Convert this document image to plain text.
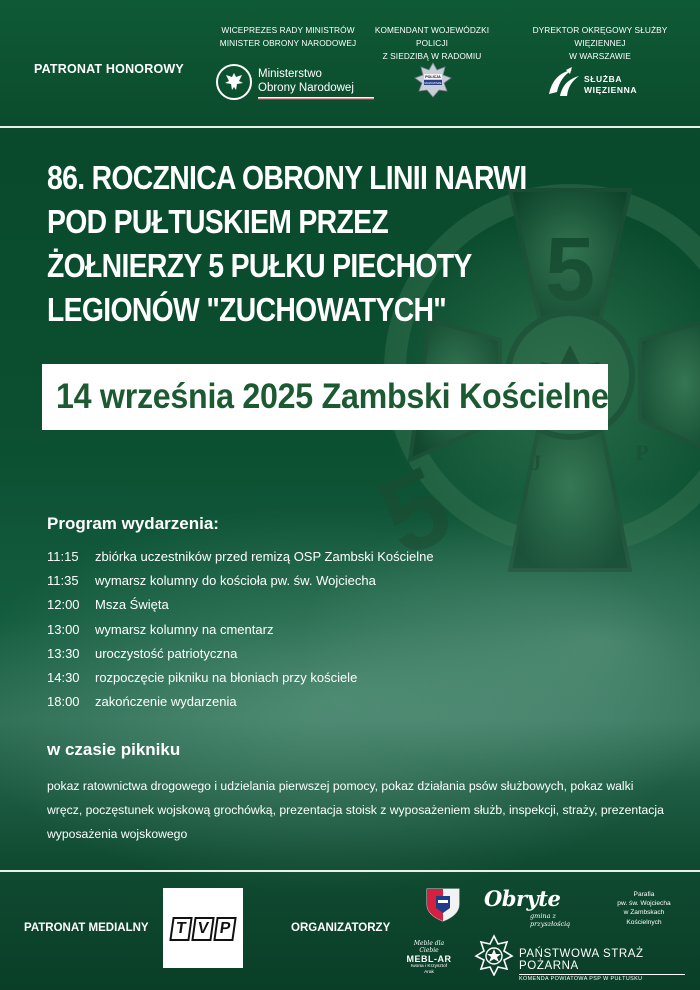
PATRONAT HONOROWY
WICEPREZES RADY MINISTRÓW
MINISTER OBRONY NARODOWEJ
KOMENDANT WOJEWÓDZKI POLICJI
Z SIEDZIBĄ W RADOMIU
DYREKTOR OKRĘGOWY SŁUŻBY WIĘZIENNEJ
W WARSZAWIE
Ministerstwo
Obrony Narodowej
POLICJA
MAZOWSZE	SŁUŻBA
WIĘZIENNA
5
5	J	P
86. ROCZNICA OBRONY LINII NARWI
POD PUŁTUSKIEM PRZEZ
ŻOŁNIERZY 5 PUŁKU PIECHOTY
LEGIONÓW "ZUCHOWATYCH"
14 września 2025 Zambski Kościelne
Program wydarzenia:
11:15	zbiórka uczestników przed remizą OSP Zambski Kościelne
11:35	wymarsz kolumny do kościoła pw. św. Wojciecha
12:00	Msza Święta
13:00	wymarsz kolumny na cmentarz
13:30	uroczystość patriotyczna
14:30	rozpoczęcie pikniku na błoniach przy kościele
18:00	zakończenie wydarzenia
w czasie pikniku
pokaz ratownictwa drogowego i udzielania pierwszej pomocy, pokaz działania psów służbowych, pokaz walki wręcz, poczęstunek wojskową grochówką, prezentacja stoisk z wyposażeniem służb, inspekcji, straży, prezentacja wyposażenia wojskowego
PATRONAT MEDIALNY	T V P	ORGANIZATORZY
Obryte
gmina z przyszłością
Parafia
pw. św. Wojciecha
w Zambskach
Kościelnych
Meble dla Ciebie
MEBL-AR
Iwona i Krzysztof
Arak
PAŃSTWOWA STRAŻ POŻARNA
KOMENDA POWIATOWA PSP W PUŁTUSKU
